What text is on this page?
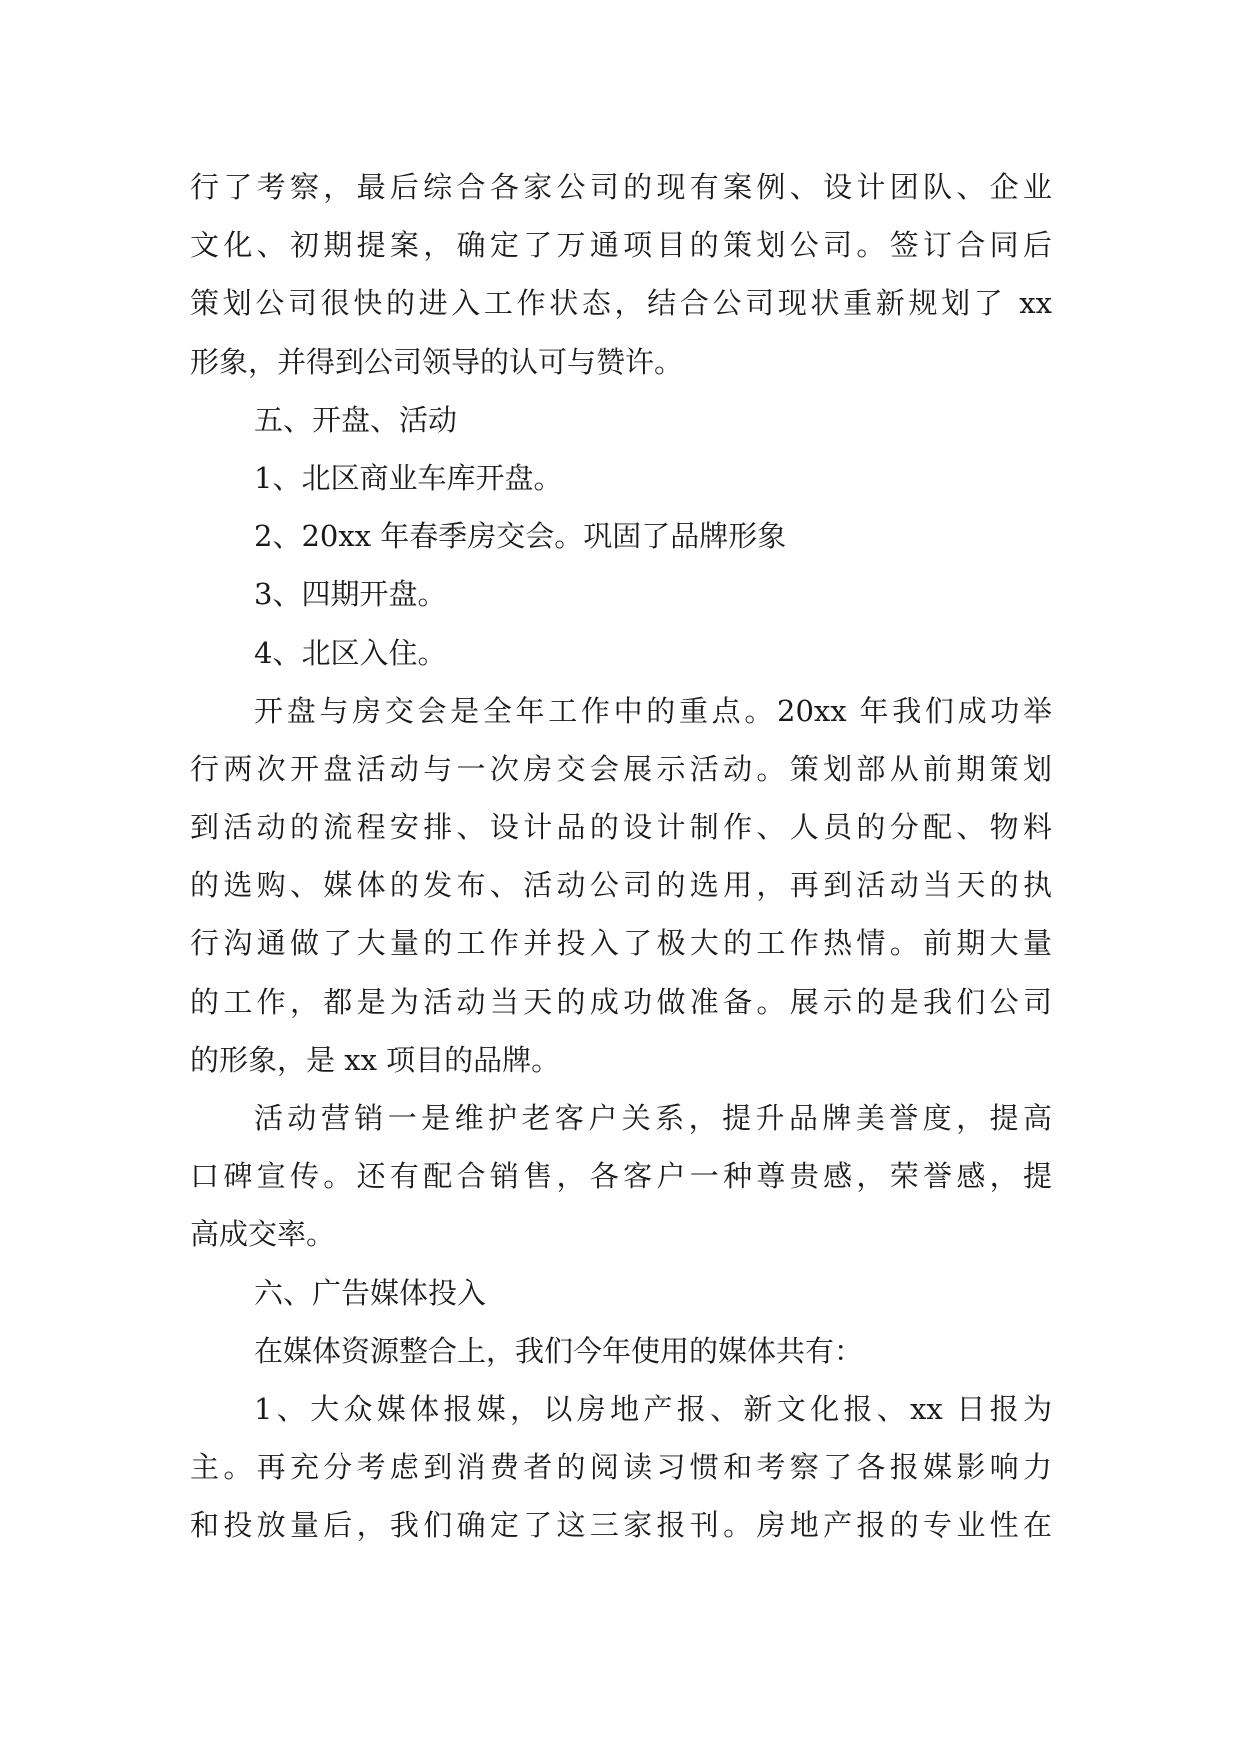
行了考察，最后综合各家公司的现有案例、设计团队、企业
文化、初期提案，确定了万通项目的策划公司。签订合同后
策划公司很快的进入工作状态，结合公司现状重新规划了 xx
形象，并得到公司领导的认可与赞许。
五、开盘、活动
1、北区商业车库开盘。
2、20xx 年春季房交会。巩固了品牌形象
3、四期开盘。
4、北区入住。
开盘与房交会是全年工作中的重点。20xx 年我们成功举
行两次开盘活动与一次房交会展示活动。策划部从前期策划
到活动的流程安排、设计品的设计制作、人员的分配、物料
的选购、媒体的发布、活动公司的选用，再到活动当天的执
行沟通做了大量的工作并投入了极大的工作热情。前期大量
的工作，都是为活动当天的成功做准备。展示的是我们公司
的形象，是 xx 项目的品牌。
活动营销一是维护老客户关系，提升品牌美誉度，提高
口碑宣传。还有配合销售，各客户一种尊贵感，荣誉感，提
高成交率。
六、广告媒体投入
在媒体资源整合上，我们今年使用的媒体共有：
1、大众媒体报媒，以房地产报、新文化报、xx 日报为
主。再充分考虑到消费者的阅读习惯和考察了各报媒影响力
和投放量后，我们确定了这三家报刊。房地产报的专业性在
